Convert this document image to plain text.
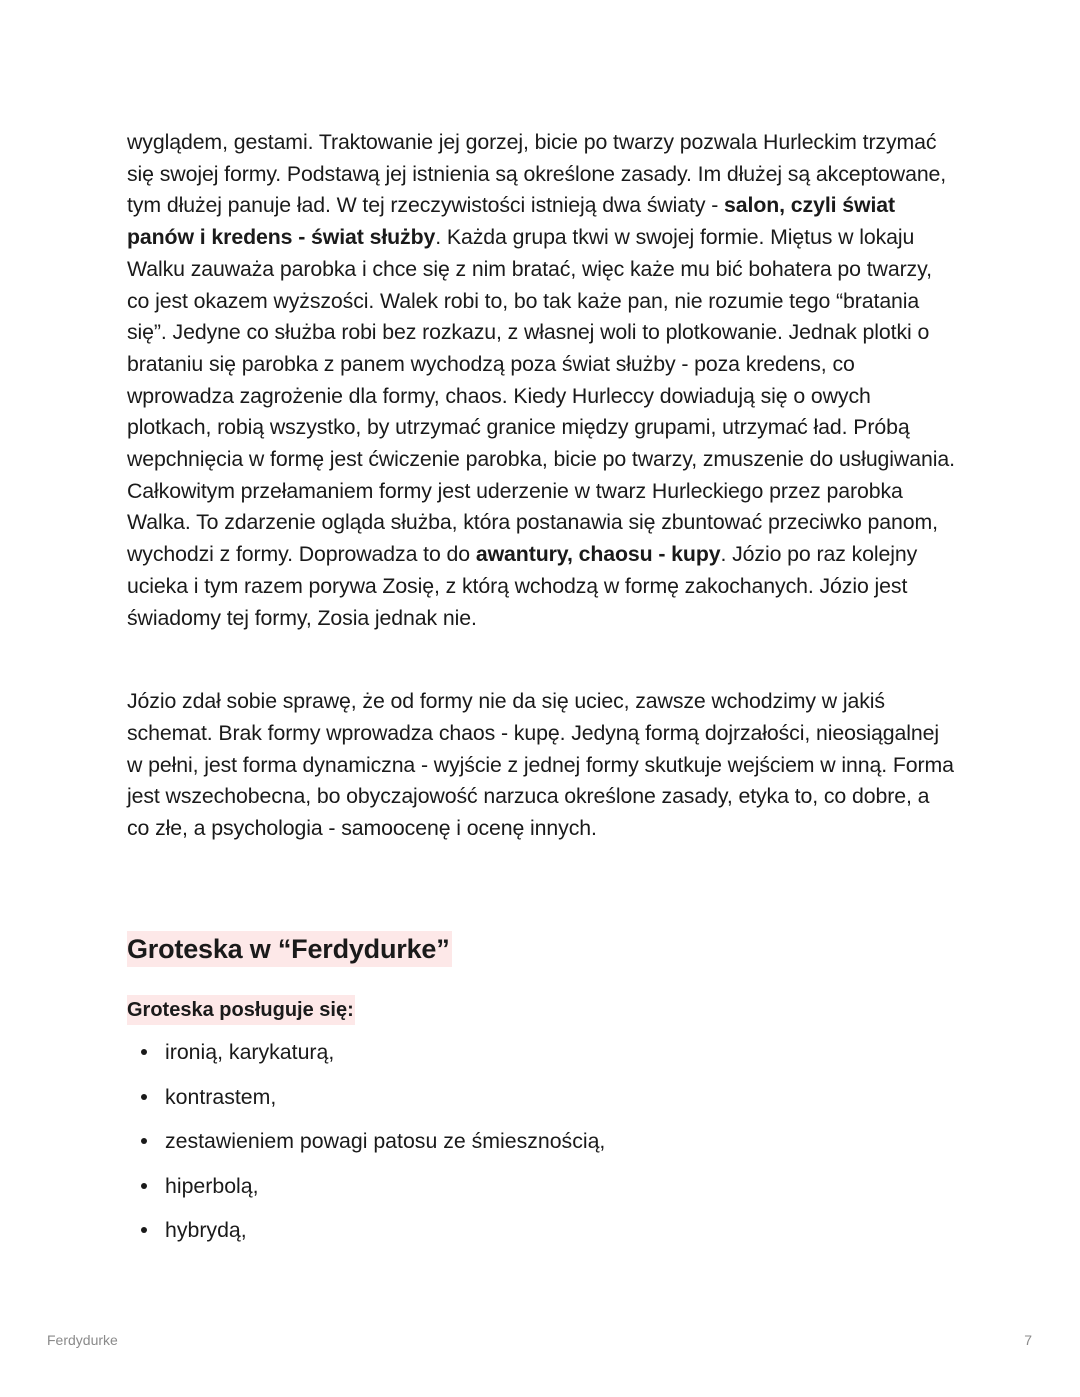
wyglądem, gestami. Traktowanie jej gorzej, bicie po twarzy pozwala Hurleckim trzymać się swojej formy. Podstawą jej istnienia są określone zasady. Im dłużej są akceptowane, tym dłużej panuje ład. W tej rzeczywistości istnieją dwa światy - salon, czyli świat panów i kredens - świat służby. Każda grupa tkwi w swojej formie. Miętus w lokaju Walku zauważa parobka i chce się z nim bratać, więc każe mu bić bohatera po twarzy, co jest okazem wyższości. Walek robi to, bo tak każe pan, nie rozumie tego “bratania się”. Jedyne co służba robi bez rozkazu, z własnej woli to plotkowanie. Jednak plotki o brataniu się parobka z panem wychodzą poza świat służby - poza kredens, co wprowadza zagrożenie dla formy, chaos. Kiedy Hurleccy dowiadują się o owych plotkach, robią wszystko, by utrzymać granice między grupami, utrzymać ład. Próbą wepchnięcia w formę jest ćwiczenie parobka, bicie po twarzy, zmuszenie do usługiwania. Całkowitym przełamaniem formy jest uderzenie w twarz Hurleckiego przez parobka Walka. To zdarzenie ogląda służba, która postanawia się zbuntować przeciwko panom, wychodzi z formy. Doprowadza to do awantury, chaosu - kupy. Józio po raz kolejny ucieka i tym razem porywa Zosię, z którą wchodzą w formę zakochanych. Józio jest świadomy tej formy, Zosia jednak nie.

Józio zdał sobie sprawę, że od formy nie da się uciec, zawsze wchodzimy w jakiś schemat. Brak formy wprowadza chaos - kupę. Jedyną formą dojrzałości, nieosiągalnej w pełni, jest forma dynamiczna - wyjście z jednej formy skutkuje wejściem w inną. Forma jest wszechobecna, bo obyczajowość narzuca określone zasady, etyka to, co dobre, a co złe, a psychologia - samoocenę i ocenę innych.

Groteska w “Ferdydurke”
Groteska posługuje się:
ironią, karykaturą,
kontrastem,
zestawieniem powagi patosu ze śmiesznością,
hiperbolą,
hybrydą,
Ferdydurke	7
